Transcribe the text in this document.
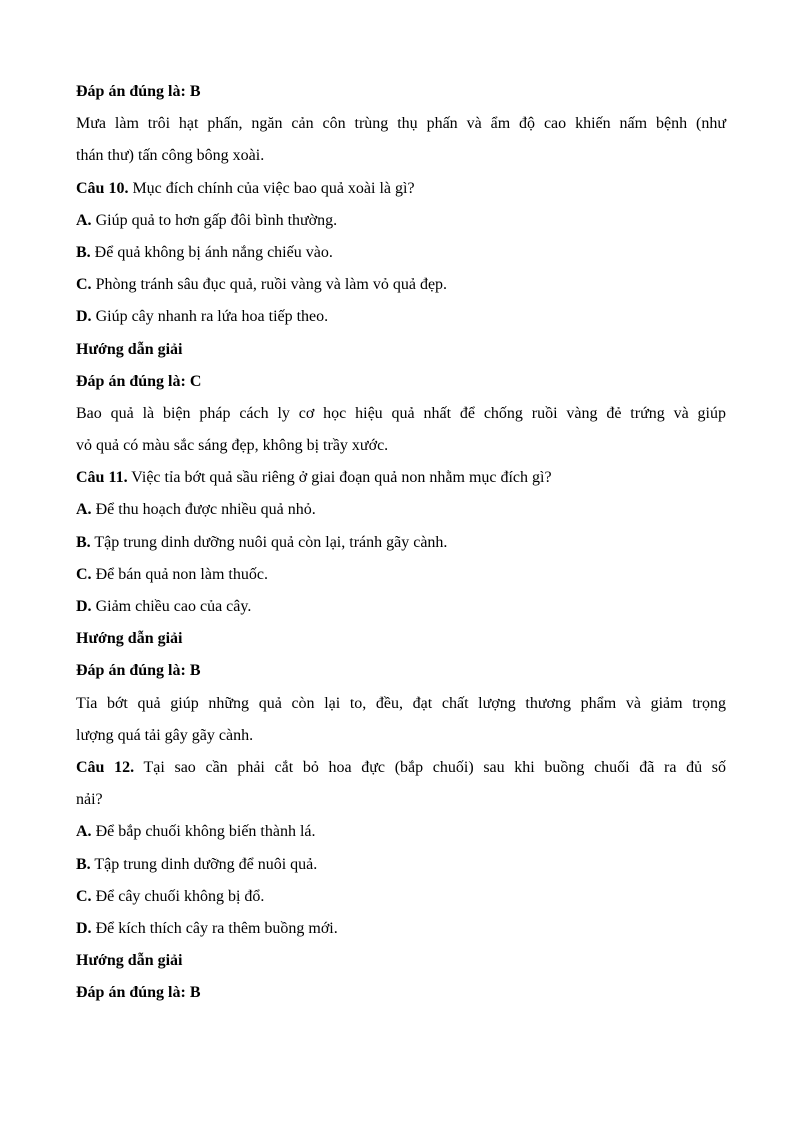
Đáp án đúng là: B
Mưa làm trôi hạt phấn, ngăn cản côn trùng thụ phấn và ẩm độ cao khiến nấm bệnh (như
thán thư) tấn công bông xoài.
Câu 10. Mục đích chính của việc bao quả xoài là gì?
A. Giúp quả to hơn gấp đôi bình thường.
B. Để quả không bị ánh nắng chiếu vào.
C. Phòng tránh sâu đục quả, ruồi vàng và làm vỏ quả đẹp.
D. Giúp cây nhanh ra lứa hoa tiếp theo.
Hướng dẫn giải
Đáp án đúng là: C
Bao quả là biện pháp cách ly cơ học hiệu quả nhất để chống ruồi vàng đẻ trứng và giúp
vỏ quả có màu sắc sáng đẹp, không bị trầy xước.
Câu 11. Việc tỉa bớt quả sầu riêng ở giai đoạn quả non nhằm mục đích gì?
A. Để thu hoạch được nhiều quả nhỏ.
B. Tập trung dinh dưỡng nuôi quả còn lại, tránh gãy cành.
C. Để bán quả non làm thuốc.
D. Giảm chiều cao của cây.
Hướng dẫn giải
Đáp án đúng là: B
Tỉa bớt quả giúp những quả còn lại to, đều, đạt chất lượng thương phẩm và giảm trọng
lượng quá tải gây gãy cành.
Câu 12. Tại sao cần phải cắt bỏ hoa đực (bắp chuối) sau khi buồng chuối đã ra đủ số
nải?
A. Để bắp chuối không biến thành lá.
B. Tập trung dinh dưỡng để nuôi quả.
C. Để cây chuối không bị đổ.
D. Để kích thích cây ra thêm buồng mới.
Hướng dẫn giải
Đáp án đúng là: B
